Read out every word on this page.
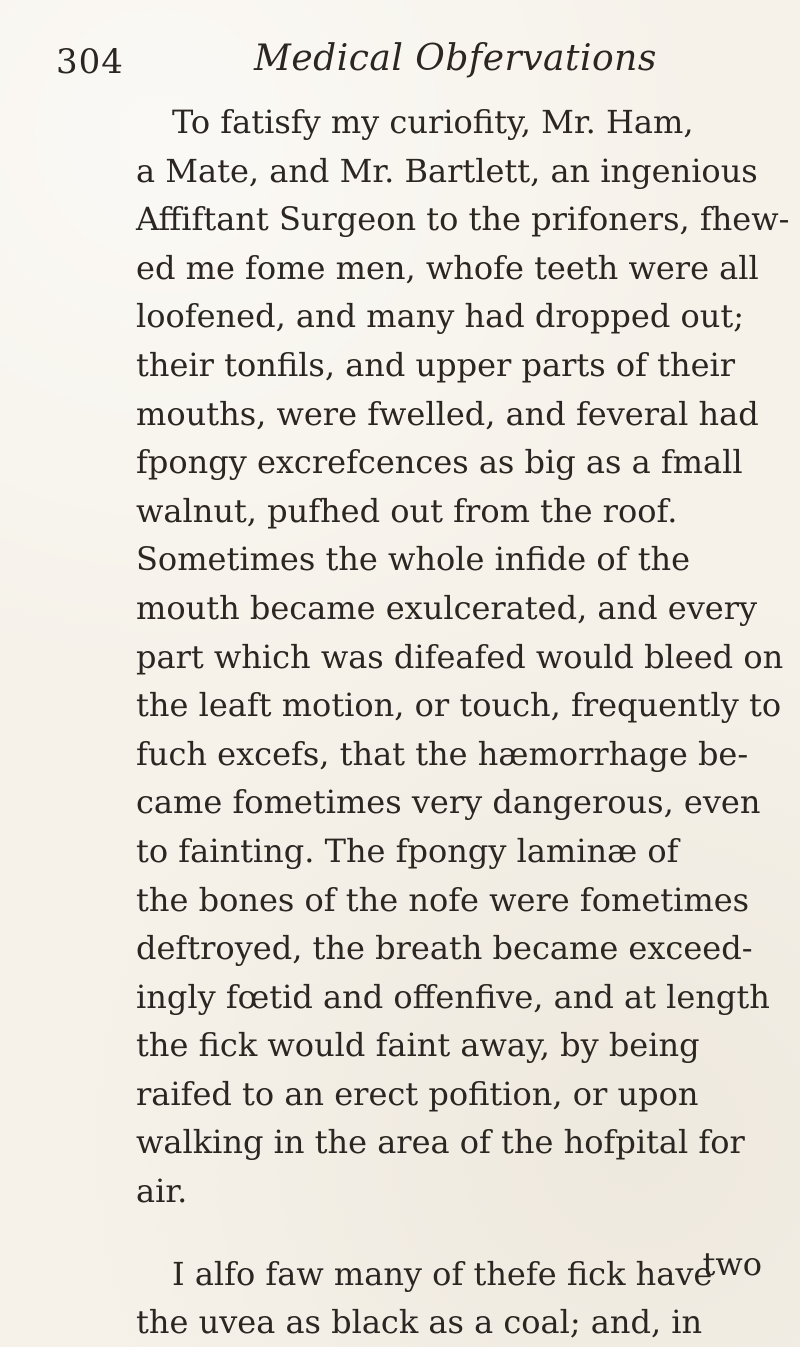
304	Medical Obfervations
To fatisfy my curiofity, Mr. Ham,
a Mate, and Mr. Bartlett, an ingenious
Affiftant Surgeon to the prifoners, fhew-
ed me fome men, whofe teeth were all
loofened, and many had dropped out;
their tonfils, and upper parts of their
mouths, were fwelled, and feveral had
fpongy excrefcences as big as a fmall
walnut, pufhed out from the roof.
Sometimes the whole infide of the
mouth became exulcerated, and every
part which was difeafed would bleed on
the leaft motion, or touch, frequently to
fuch excefs, that the hæmorrhage be-
came fometimes very dangerous, even
to fainting. The fpongy laminæ of
the bones of the nofe were fometimes
deftroyed, the breath became exceed-
ingly fœtid and offenfive, and at length
the fick would faint away, by being
raifed to an erect pofition, or upon
walking in the area of the hofpital for
air.
I alfo faw many of thefe fick have
the uvea as black as a coal; and, in
two
